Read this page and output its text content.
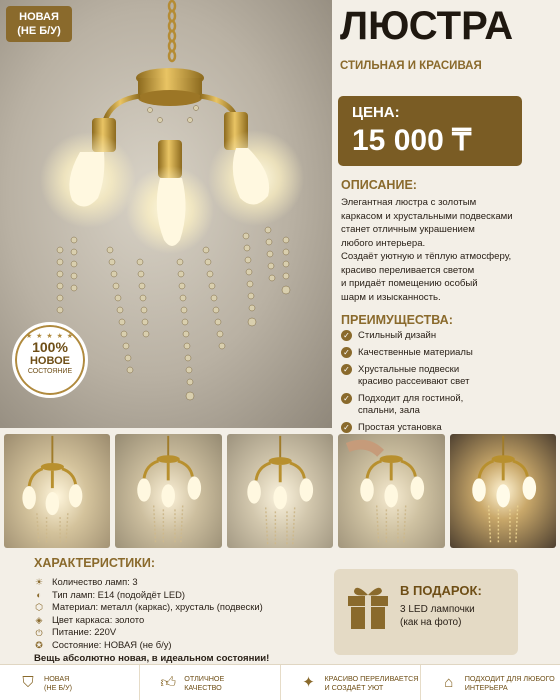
НОВАЯ
(НЕ Б/У)
★ ★ ★ ★ ★
100%
НОВОЕ
СОСТОЯНИЕ
ЛЮСТРА
СТИЛЬНАЯ И КРАСИВАЯ
ЦЕНА:
15 000 ₸
ОПИСАНИЕ:
Элегантная люстра с золотым
каркасом и хрустальными подвесками
станет отличным украшением
любого интерьера.
Создаёт уютную и тёплую атмосферу,
красиво переливается светом
и придаёт помещению особый
шарм и изысканность.
ПРЕИМУЩЕСТВА:
✓ Стильный дизайн
✓ Качественные материалы
✓ Хрустальные подвески
красиво рассеивают свет
✓ Подходит для гостиной,
спальни, зала
✓ Простая установка
ХАРАКТЕРИСТИКИ:
☀ Количество ламп: 3
◐ Тип ламп: E14 (подойдёт LED)
⬡ Материал: металл (каркас), хрусталь (подвески)
◈ Цвет каркаса: золото
⏻ Питание: 220V
✪ Состояние: НОВАЯ (не б/у)
Вещь абсолютно новая, в идеальном состоянии!
В ПОДАРОК:
3 LED лампочки
(как на фото)
⛉	НОВАЯ
(НЕ Б/У)	👍︎ ОТЛИЧНОЕ
КАЧЕСТВО	✦	КРАСИВО ПЕРЕЛИВАЕТСЯ
И СОЗДАЁТ УЮТ	⌂	ПОДХОДИТ ДЛЯ ЛЮБОГО
ИНТЕРЬЕРА
